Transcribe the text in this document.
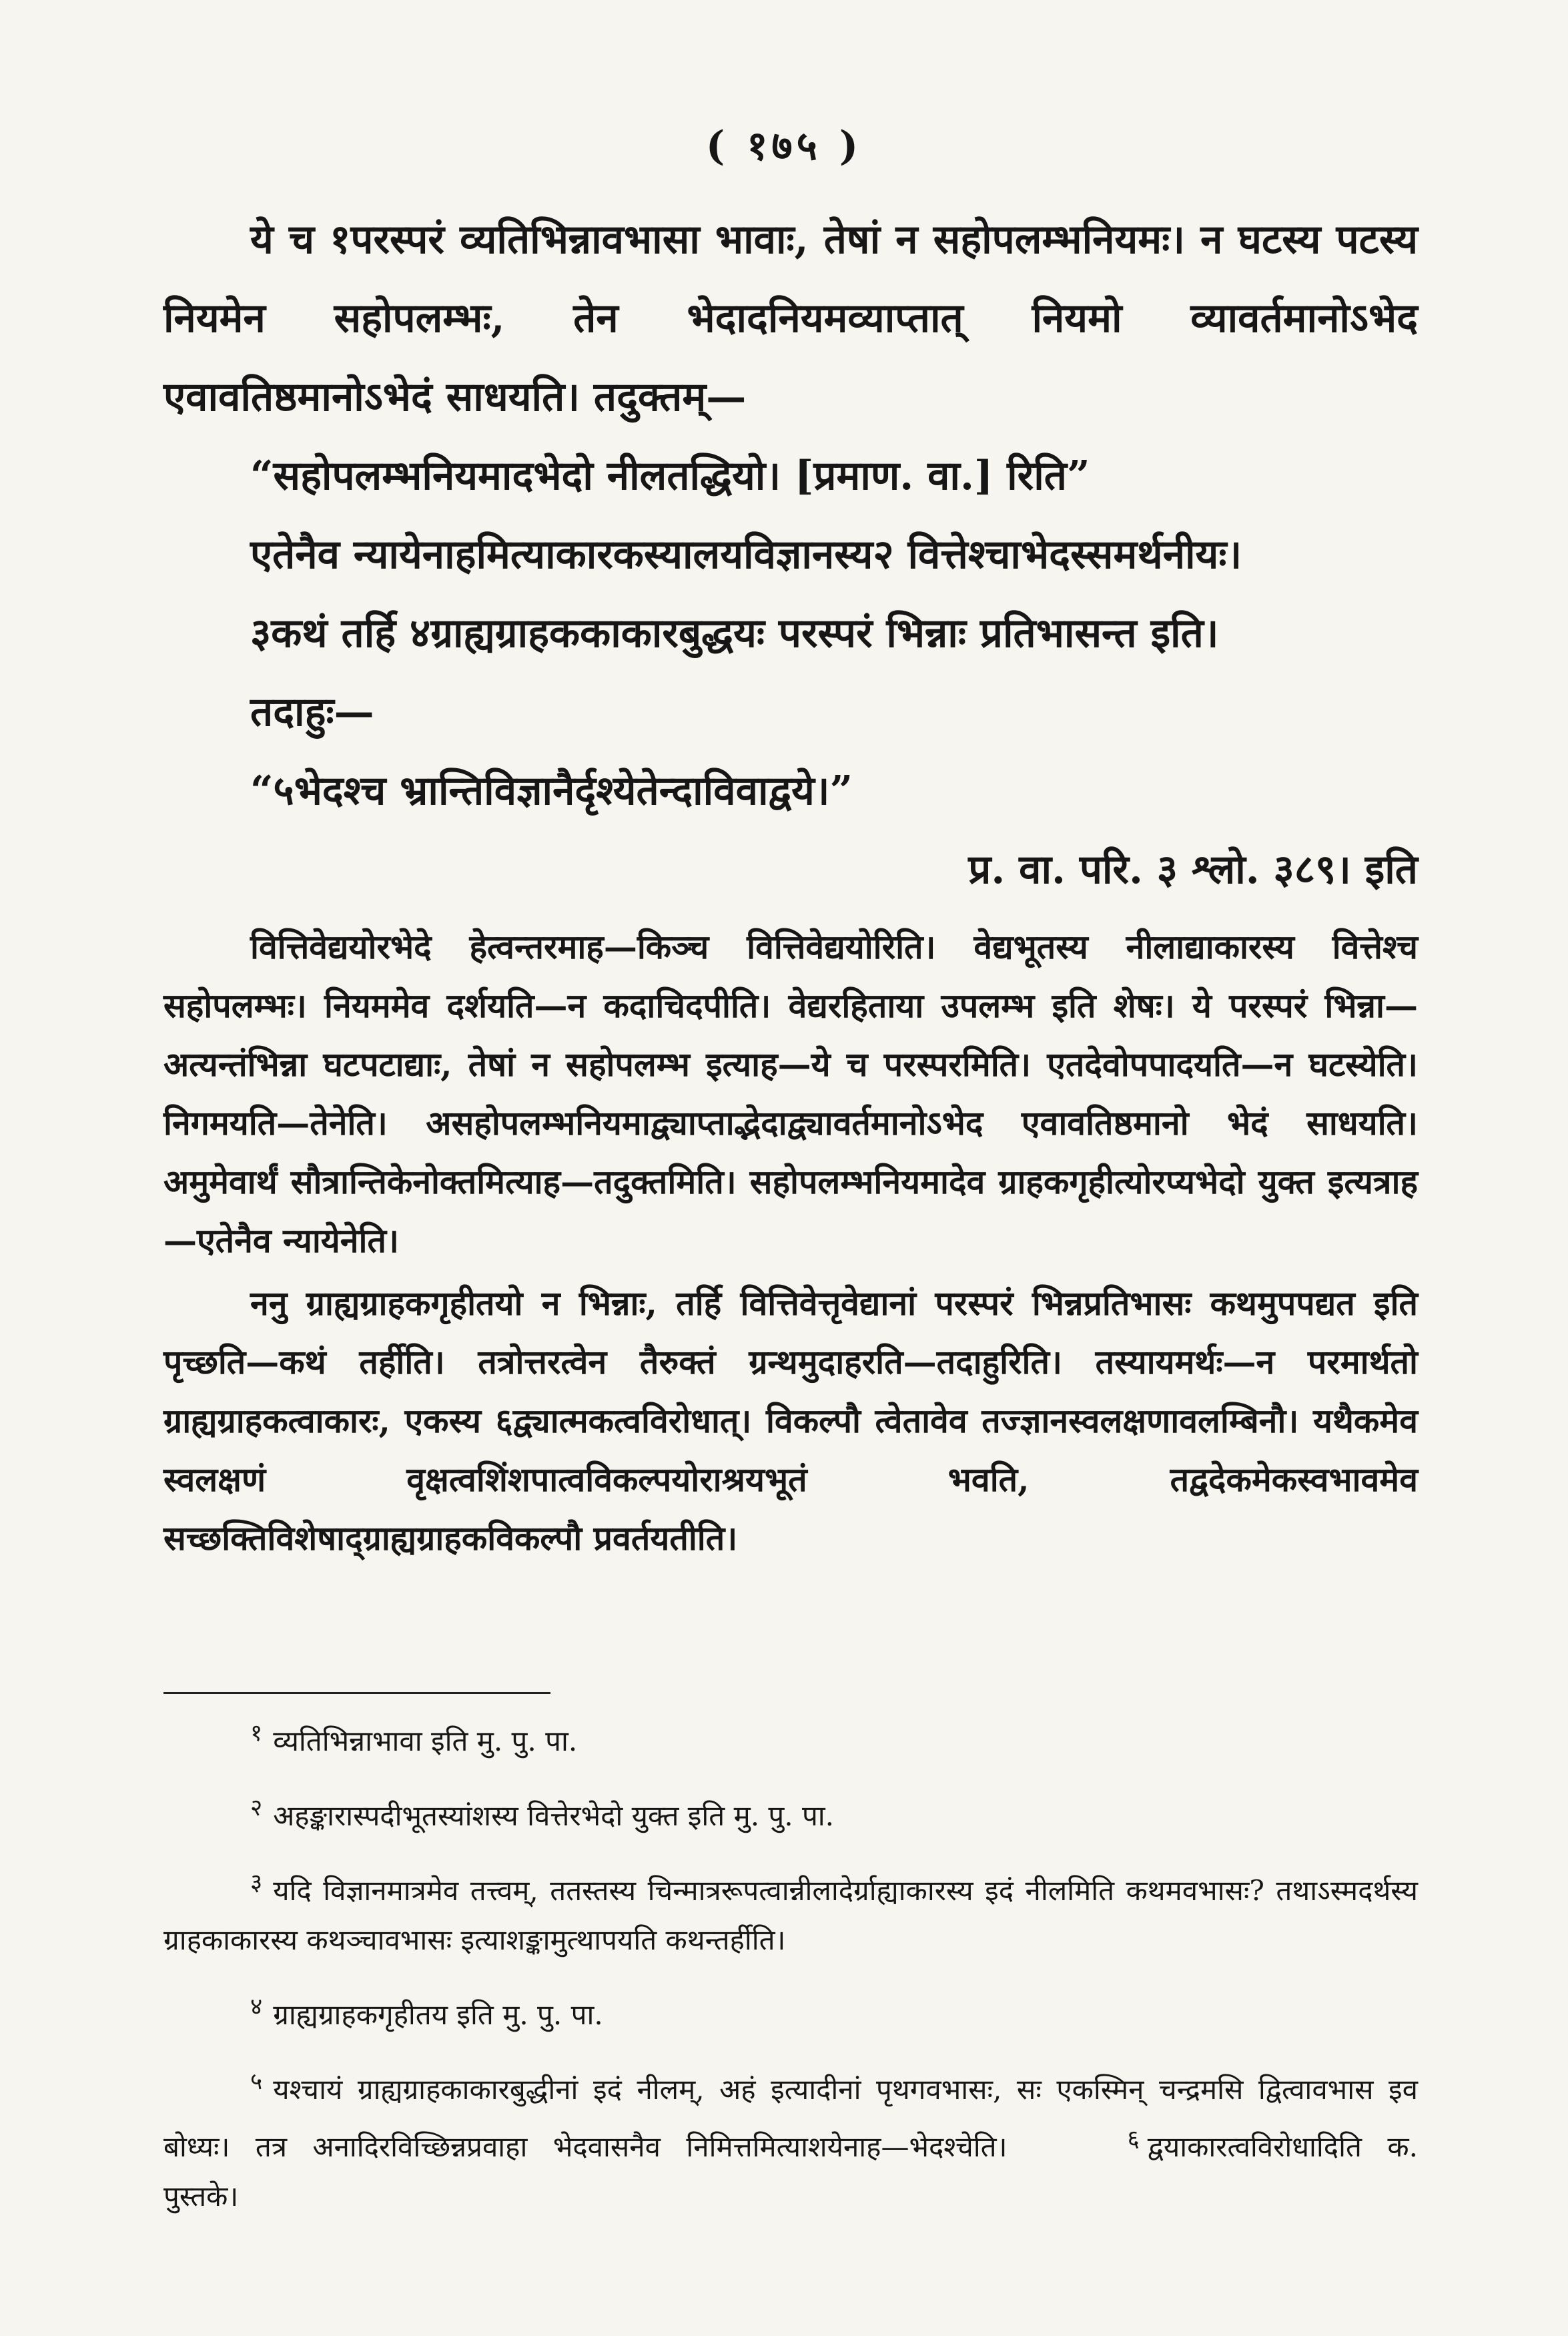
( १७५ )

ये च १परस्परं व्यतिभिन्नावभासा भावाः, तेषां न सहोपलम्भनियमः। न घटस्य पटस्य नियमेन सहोपलम्भः, तेन भेदादनियमव्याप्तात् नियमो व्यावर्तमानोऽभेद एवावतिष्ठमानोऽभेदं साधयति। तदुक्तम्—

“सहोपलम्भनियमादभेदो नीलतद्धियो। [प्रमाण. वा.] रिति”

एतेनैव न्यायेनाहमित्याकारकस्यालयविज्ञानस्य२ वित्तेश्चाभेदस्समर्थनीयः।

३कथं तर्हि ४ग्राह्यग्राहककाकारबुद्धयः परस्परं भिन्नाः प्रतिभासन्त इति।

तदाहुः—

“५भेदश्च भ्रान्तिविज्ञानैर्दृश्येतेन्दाविवाद्वये।”

प्र. वा. परि. ३ श्लो. ३८९। इति

वित्तिवेद्ययोरभेदे हेत्वन्तरमाह—किञ्च वित्तिवेद्ययोरिति। वेद्यभूतस्य नीलाद्याकारस्य वित्तेश्च सहोपलम्भः। नियममेव दर्शयति—न कदाचिदपीति। वेद्यरहिताया उपलम्भ इति शेषः। ये परस्परं भिन्ना—अत्यन्तंभिन्ना घटपटाद्याः, तेषां न सहोपलम्भ इत्याह—ये च परस्परमिति। एतदेवोपपादयति—न घटस्येति। निगमयति—तेनेति। असहोपलम्भनियमाद्व्याप्ताद्भेदाद्व्यावर्तमानोऽभेद एवावतिष्ठमानो भेदं साधयति। अमुमेवार्थं सौत्रान्तिकेनोक्तमित्याह—तदुक्तमिति। सहोपलम्भनियमादेव ग्राहकगृहीत्योरप्यभेदो युक्त इत्यत्राह—एतेनैव न्यायेनेति।

ननु ग्राह्यग्राहकगृहीतयो न भिन्नाः, तर्हि वित्तिवेत्तृवेद्यानां परस्परं भिन्नप्रतिभासः कथमुपपद्यत इति पृच्छति—कथं तर्हीति। तत्रोत्तरत्वेन तैरुक्तं ग्रन्थमुदाहरति—तदाहुरिति। तस्यायमर्थः—न परमार्थतो ग्राह्यग्राहकत्वाकारः, एकस्य ६द्व्यात्मकत्वविरोधात्। विकल्पौ त्वेतावेव तज्ज्ञानस्वलक्षणावलम्बिनौ। यथैकमेव स्वलक्षणं वृक्षत्वशिंशपात्वविकल्पयोराश्रयभूतं भवति, तद्वदेकमेकस्वभावमेव सच्छक्तिविशेषाद्ग्राह्यग्राहकविकल्पौ प्रवर्तयतीति।

$^१$ व्यतिभिन्नाभावा इति मु. पु. पा.

$^२$ अहङ्कारास्पदीभूतस्यांशस्य वित्तेरभेदो युक्त इति मु. पु. पा.

$^३$ यदि विज्ञानमात्रमेव तत्त्वम्, ततस्तस्य चिन्मात्ररूपत्वान्नीलादेर्ग्राह्याकारस्य इदं नीलमिति कथमवभासः? तथाऽस्मदर्थस्य ग्राहकाकारस्य कथञ्चावभासः इत्याशङ्कामुत्थापयति कथन्तर्हीति।

$^४$ ग्राह्यग्राहकगृहीतय इति मु. पु. पा.

$^५$ यश्चायं ग्राह्यग्राहकाकारबुद्धीनां इदं नीलम्, अहं इत्यादीनां पृथगवभासः, सः एकस्मिन् चन्द्रमसि द्वित्वावभास इव बोध्यः। तत्र अनादिरविच्छिन्नप्रवाहा भेदवासनैव निमित्तमित्याशयेनाह—भेदश्चेति।	$^६$ द्वयाकारत्वविरोधादिति क. पुस्तके।
